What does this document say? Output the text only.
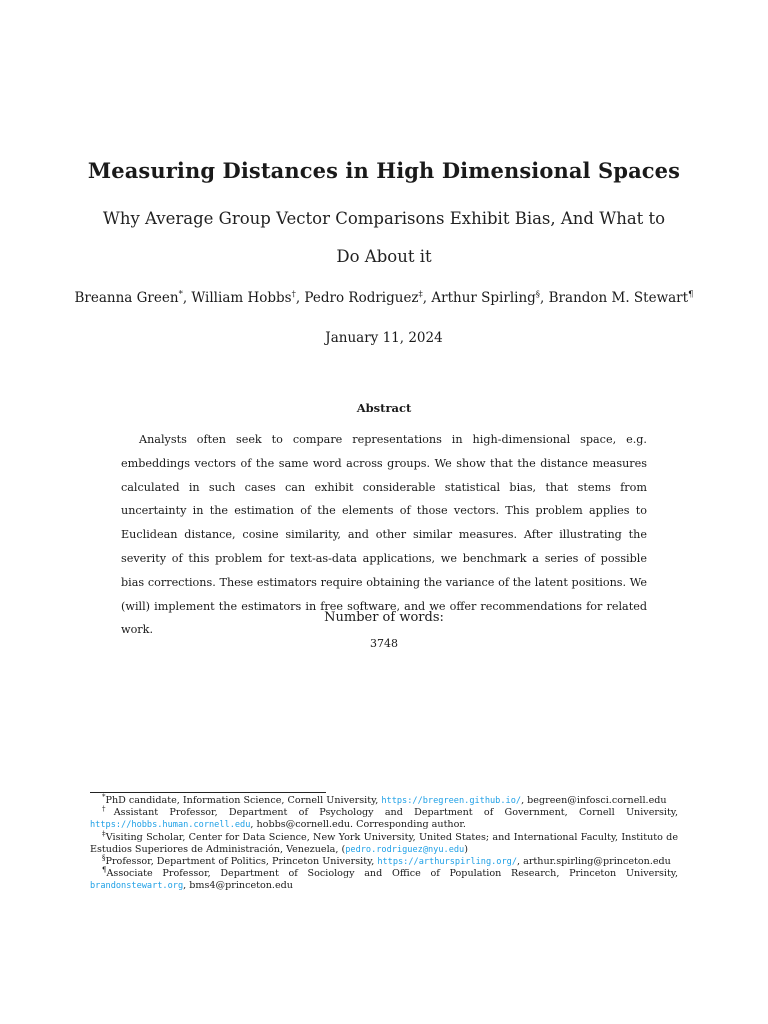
Measuring Distances in High Dimensional Spaces
Why Average Group Vector Comparisons Exhibit Bias, And What to Do About it
Breanna Green*, William Hobbs†, Pedro Rodriguez‡, Arthur Spirling§, Brandon M. Stewart¶
January 11, 2024
Abstract
Analysts often seek to compare representations in high-dimensional space, e.g. embeddings vectors of the same word across groups. We show that the distance measures calculated in such cases can exhibit considerable statistical bias, that stems from uncertainty in the estimation of the elements of those vectors. This problem applies to Euclidean distance, cosine similarity, and other similar measures. After illustrating the severity of this problem for text-as-data applications, we benchmark a series of possible bias corrections. These estimators require obtaining the variance of the latent positions. We (will) implement the estimators in free software, and we offer recommendations for related work.
Number of words:
3748
*PhD candidate, Information Science, Cornell University, https://bregreen.github.io/, begreen@infosci.cornell.edu
†Assistant Professor, Department of Psychology and Department of Government, Cornell University, https://hobbs.human.cornell.edu, hobbs@cornell.edu. Corresponding author.
‡Visiting Scholar, Center for Data Science, New York University, United States; and International Faculty, Instituto de Estudios Superiores de Administración, Venezuela, (pedro.rodriguez@nyu.edu)
§Professor, Department of Politics, Princeton University, https://arthurspirling.org/, arthur.spirling@princeton.edu
¶Associate Professor, Department of Sociology and Office of Population Research, Princeton University, brandonstewart.org, bms4@princeton.edu
